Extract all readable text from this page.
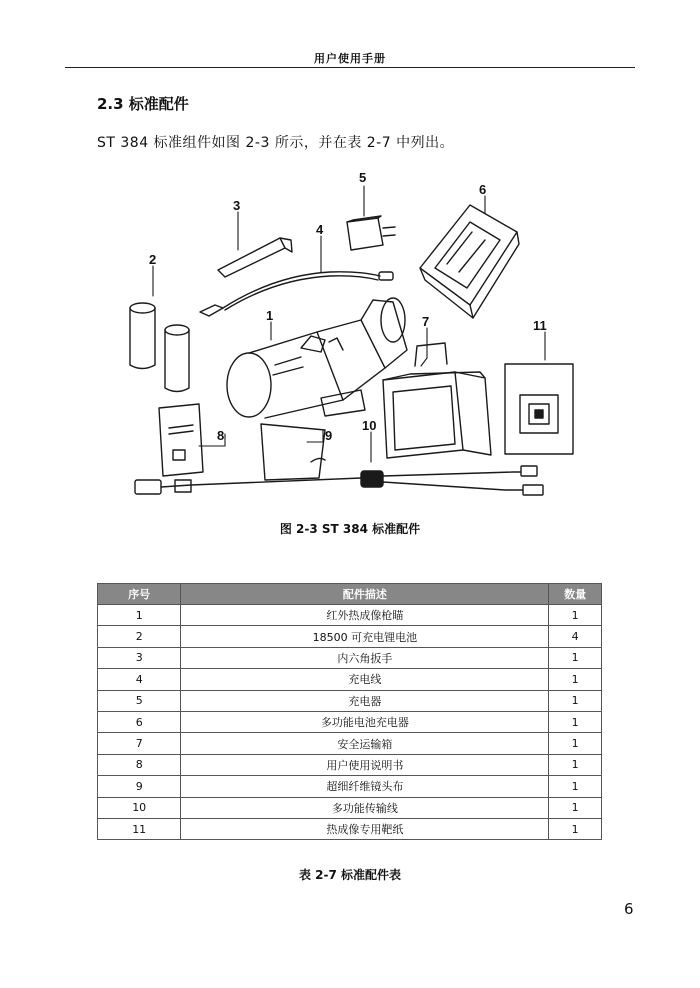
用户使用手册
2.3 标准配件
ST 384 标准组件如图 2-3 所示，并在表 2-7 中列出。
2
3
4
5
6
1	7
8	9
10
11
图 2-3 ST 384 标准配件
序号	配件描述	数量
1	红外热成像枪瞄	1
2	18500 可充电锂电池	4
3	内六角扳手	1
4	充电线	1
5	充电器	1
6	多功能电池充电器	1
7	安全运输箱	1
8	用户使用说明书	1
9	超细纤维镜头布	1
10	多功能传输线	1
11	热成像专用靶纸	1
表 2-7 标准配件表
6
